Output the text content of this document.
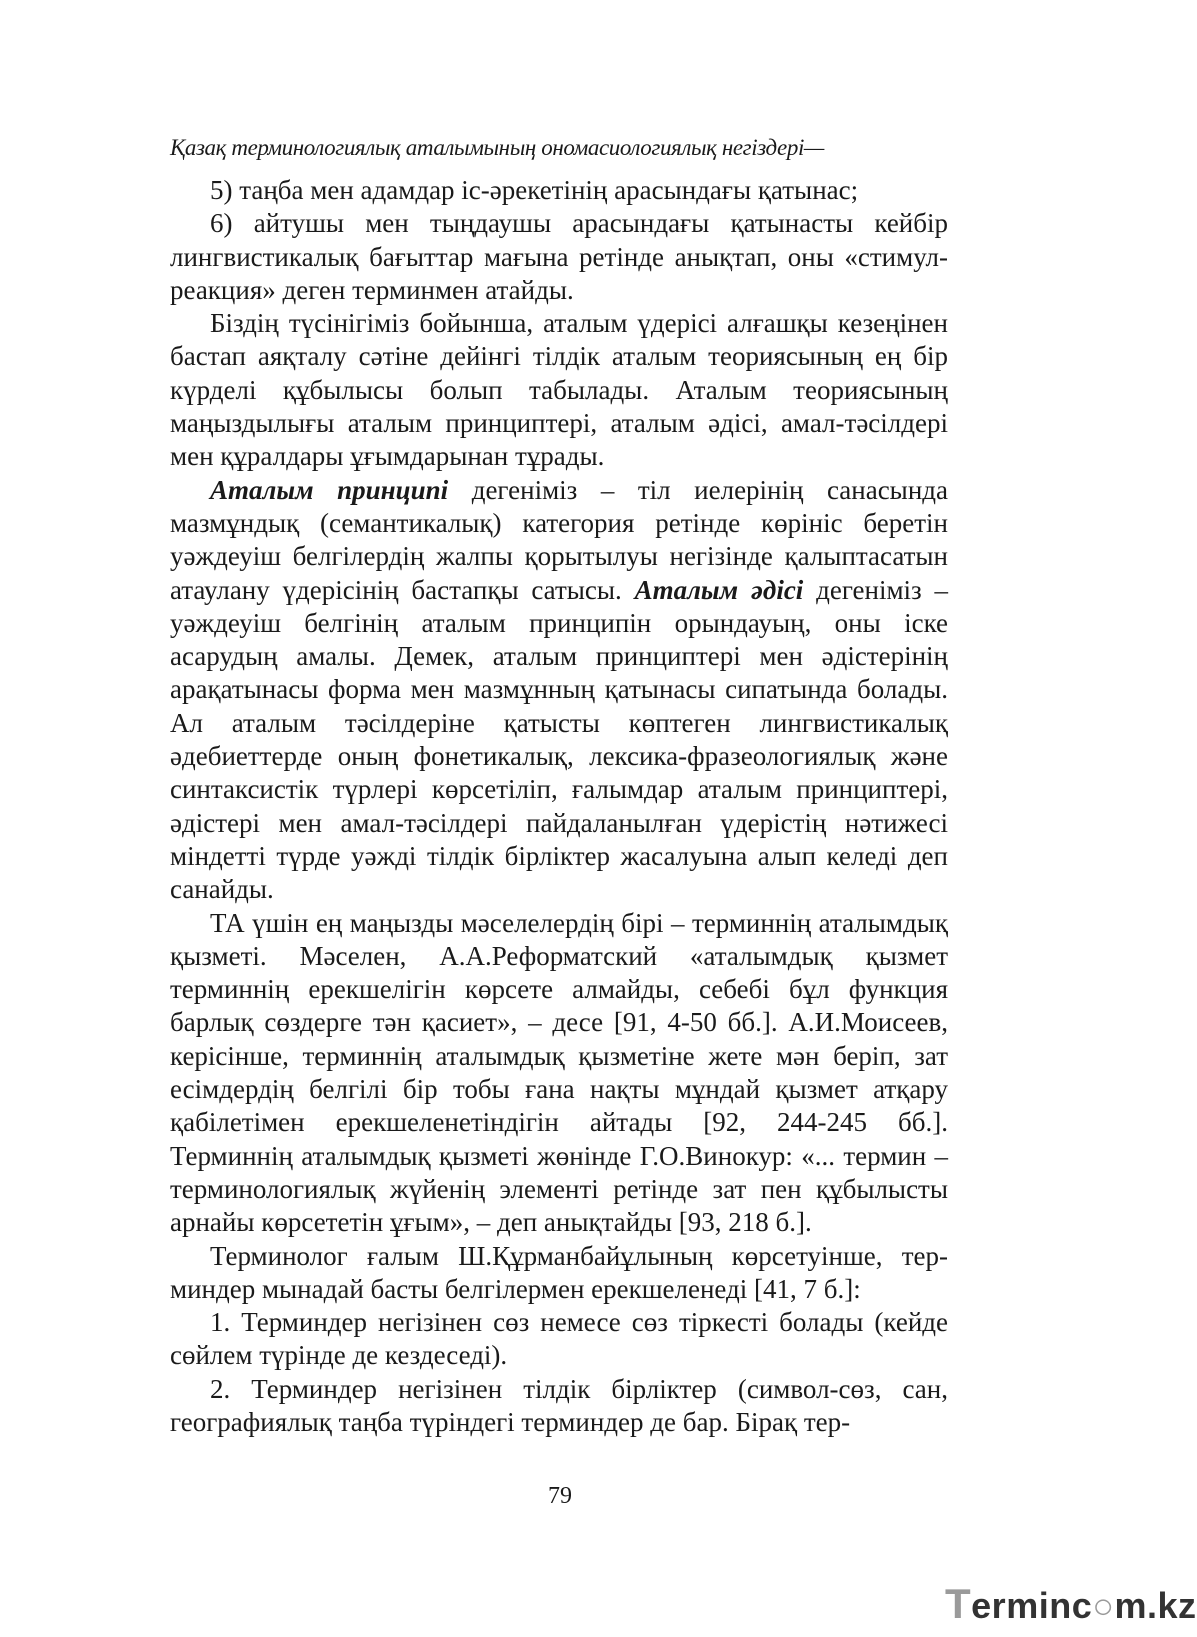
Қазақ терминологиялық аталымының ономасиологиялық негіздері—

5) таңба мен адамдар іс-әрекетінің арасындағы қатынас;

6) айтушы мен тыңдаушы арасындағы қатынасты кейбір лингвистикалық бағыттар мағына ретінде анықтап, оны «стимул-реакция» деген терминмен атайды.

Біздің түсінігіміз бойынша, аталым үдерісі алғашқы кезеңінен бастап аяқталу сәтіне дейінгі тілдік аталым теориясының ең бір күрделі құбылысы болып табылады. Аталым теориясының маңыздылығы аталым принциптері, аталым әдісі, амал-тәсілдері мен құралдары ұғымдарынан тұрады.

Аталым принципі дегеніміз – тіл иелерінің санасында мазмұндық (семантикалық) категория ретінде көрініс беретін уәждеуіш белгілердің жалпы қорытылуы негізінде қалыптасатын атаулану үдерісінің бастапқы сатысы. Аталым әдісі дегеніміз – уәждеуіш белгінің аталым принципін орындауың, оны іске асарудың амалы. Демек, аталым принциптері мен әдістерінің арақатынасы форма мен мазмұнның қатынасы сипатында болады. Ал аталым тәсілдеріне қатысты көптеген лингвистикалық әдебиеттерде оның фонетикалық, лексика-фразеологиялық және синтаксистік түрлері көрсетіліп, ғалымдар аталым принциптері, әдістері мен амал-тәсілдері пайдаланылған үдерістің нәтижесі міндетті түрде уәжді тілдік бірліктер жасалуына алып келеді деп санайды.

ТА үшін ең маңызды мәселелердің бірі – терминнің аталымдық қызметі. Мәселен, А.А.Реформатский «аталымдық қызмет терминнің ерекшелігін көрсете алмайды, себебі бұл функция барлық сөздерге тән қасиет», – десе [91, 4-50 бб.]. А.И.Моисеев, керісінше, терминнің аталымдық қызметіне жете мән беріп, зат есімдердің белгілі бір тобы ғана нақты мұндай қызмет атқару қабілетімен ерекшеленетіндігін айтады [92, 244-245 бб.]. Терминнің аталымдық қызметі жөнінде Г.О.Винокур: «... термин – терминологиялық жүйенің элементі ретінде зат пен құбылысты арнайы көрсететін ұғым», – деп анықтайды [93, 218 б.].

Терминолог ғалым Ш.Құрманбайұлының көрсетуінше, терминдер мынадай басты белгілермен ерекшеленеді [41, 7 б.]:

1. Терминдер негізінен сөз немесе сөз тіркесті болады (кейде сөйлем түрінде де кездеседі).

2. Терминдер негізінен тілдік бірліктер (символ-сөз, сан, географиялық таңба түріндегі терминдер де бар. Бірақ тер-

79
Terminc○m.kz
